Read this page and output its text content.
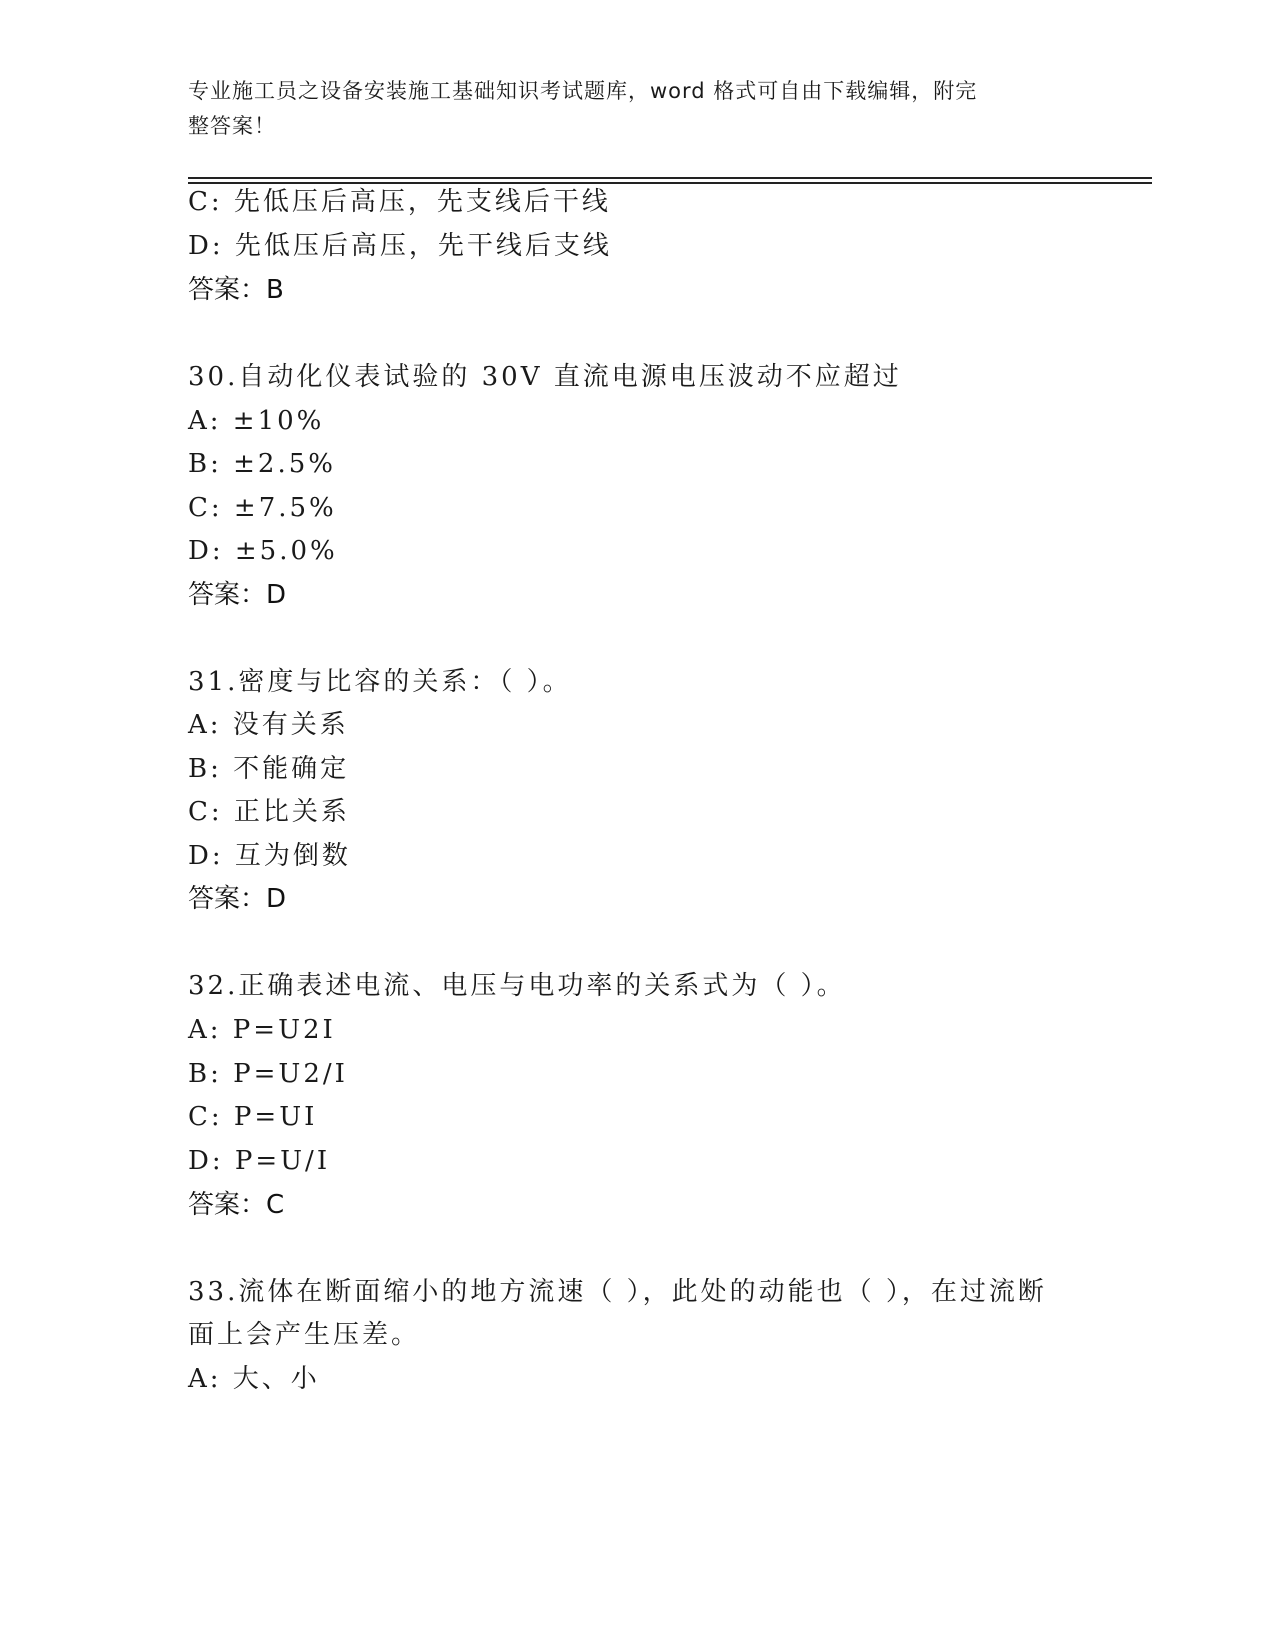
专业施工员之设备安装施工基础知识考试题库，word 格式可自由下载编辑，附完
整答案！
C: 先低压后高压，先支线后干线
D: 先低压后高压，先干线后支线
答案：B
30.自动化仪表试验的 30V 直流电源电压波动不应超过
A: ±10%
B: ±2.5%
C: ±7.5%
D: ±5.0%
答案：D
31.密度与比容的关系：（ ）。
A: 没有关系
B: 不能确定
C: 正比关系
D: 互为倒数
答案：D
32.正确表述电流、电压与电功率的关系式为（ ）。
A: P=U2I
B: P=U2/I
C: P=UI
D: P=U/I
答案：C
33.流体在断面缩小的地方流速（ ），此处的动能也（ ），在过流断
面上会产生压差。
A: 大、小
